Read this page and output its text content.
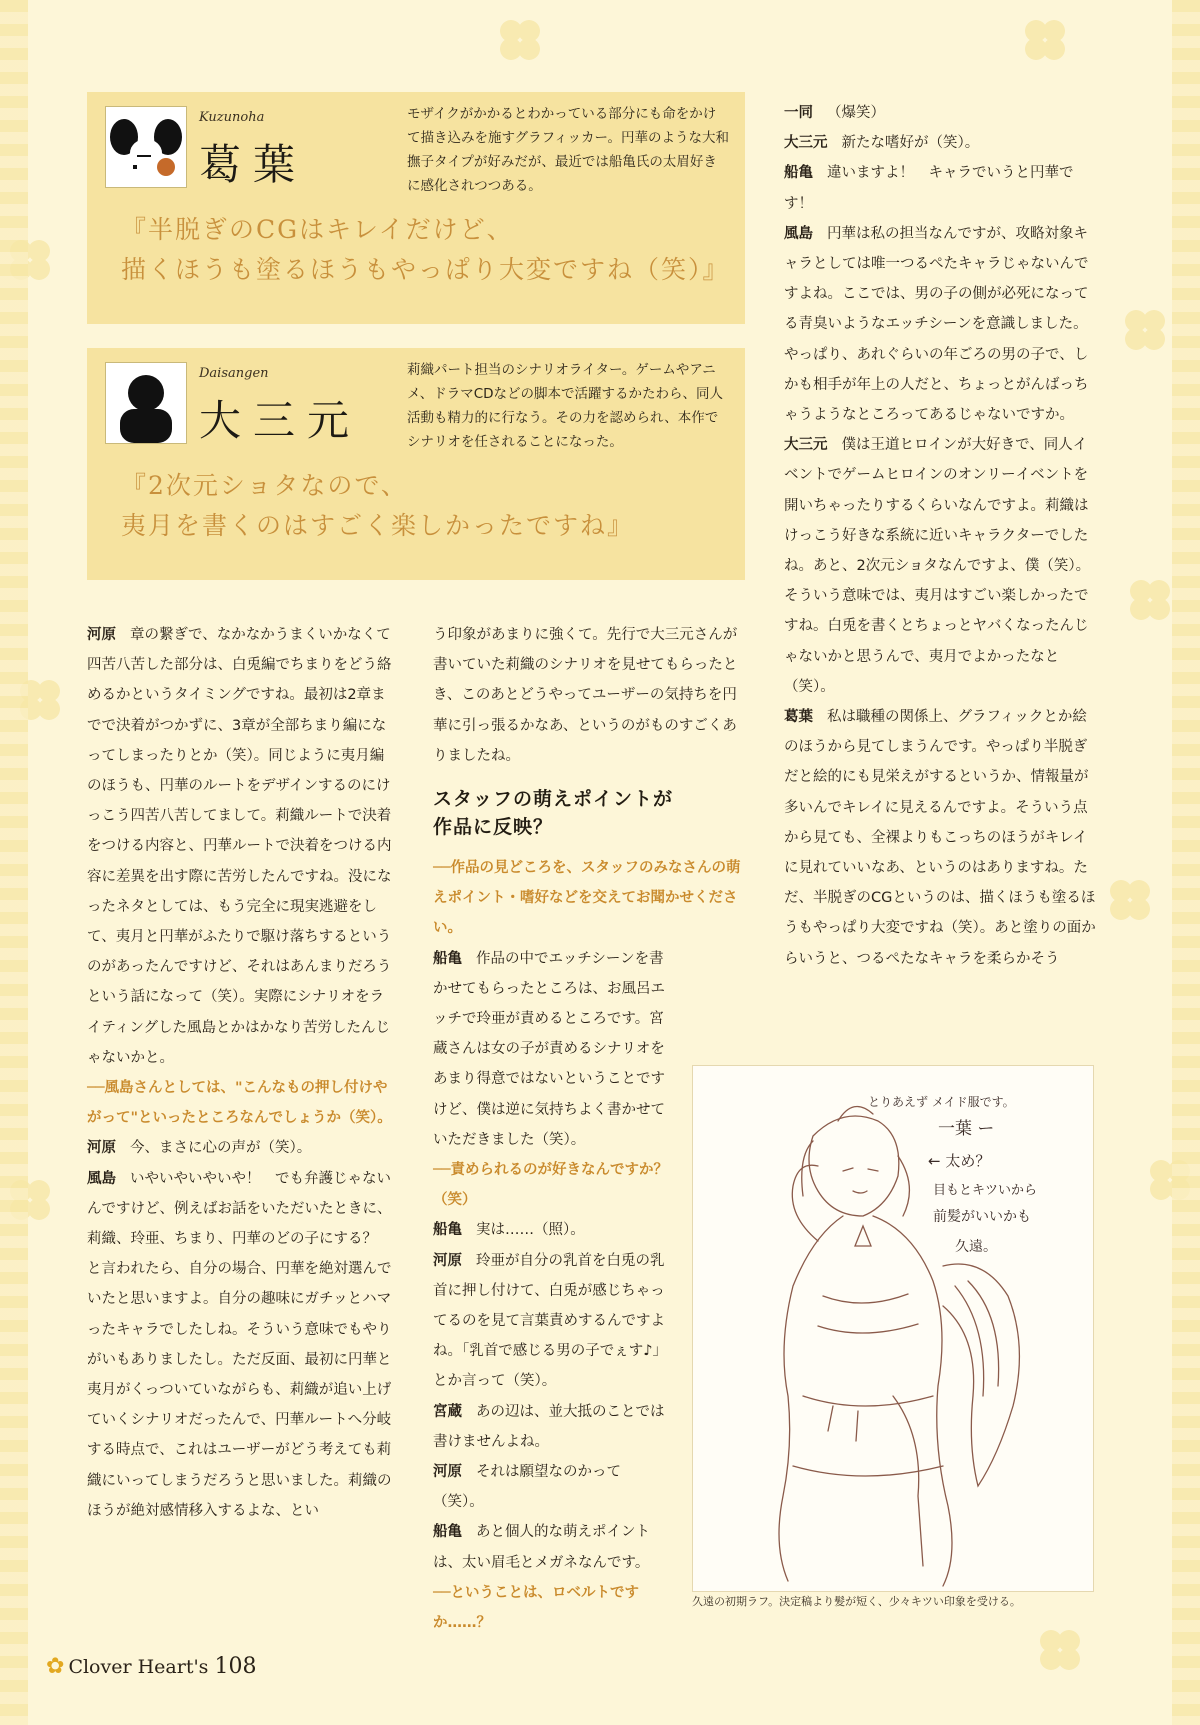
Kuzunoha
葛葉
モザイクがかかるとわかっている部分にも命をかけて描き込みを施すグラフィッカー。円華のような大和撫子タイプが好みだが、最近では船亀氏の太眉好きに感化されつつある。
『半脱ぎのCGはキレイだけど、
描くほうも塗るほうもやっぱり大変ですね（笑）』
Daisangen
大三元
莉織パート担当のシナリオライター。ゲームやアニメ、ドラマCDなどの脚本で活躍するかたわら、同人活動も精力的に行なう。その力を認められ、本作でシナリオを任されることになった。
『2次元ショタなので、
夷月を書くのはすごく楽しかったですね』

河原 章の繋ぎで、なかなかうまくいかなくて四苦八苦した部分は、白兎編でちまりをどう絡めるかというタイミングですね。最初は2章までで決着がつかずに、3章が全部ちまり編になってしまったりとか（笑）。同じように夷月編のほうも、円華のルートをデザインするのにけっこう四苦八苦してまして。莉織ルートで決着をつける内容と、円華ルートで決着をつける内容に差異を出す際に苦労したんですね。没になったネタとしては、もう完全に現実逃避をして、夷月と円華がふたりで駆け落ちするというのがあったんですけど、それはあんまりだろうという話になって（笑）。実際にシナリオをライティングした風島とかはかなり苦労したんじゃないかと。

──風島さんとしては、"こんなもの押し付けやがって"といったところなんでしょうか（笑）。

河原 今、まさに心の声が（笑）。

風島 いやいやいやいや！　でも弁護じゃないんですけど、例えばお話をいただいたときに、莉織、玲亜、ちまり、円華のどの子にする？　と言われたら、自分の場合、円華を絶対選んでいたと思いますよ。自分の趣味にガチッとハマったキャラでしたしね。そういう意味でもやりがいもありましたし。ただ反面、最初に円華と夷月がくっついていながらも、莉織が追い上げていくシナリオだったんで、円華ルートへ分岐する時点で、これはユーザーがどう考えても莉織にいってしまうだろうと思いました。莉織のほうが絶対感情移入するよな、とい

う印象があまりに強くて。先行で大三元さんが書いていた莉織のシナリオを見せてもらったとき、このあとどうやってユーザーの気持ちを円華に引っ張るかなあ、というのがものすごくありましたね。

スタッフの萌えポイントが
作品に反映？

──作品の見どころを、スタッフのみなさんの萌えポイント・嗜好などを交えてお聞かせください。

船亀 作品の中でエッチシーンを書かせてもらったところは、お風呂エッチで玲亜が責めるところです。宮蔵さんは女の子が責めるシナリオをあまり得意ではないということですけど、僕は逆に気持ちよく書かせていただきました（笑）。

──責められるのが好きなんですか？（笑）

船亀 実は……（照）。

河原 玲亜が自分の乳首を白兎の乳首に押し付けて、白兎が感じちゃってるのを見て言葉責めするんですよね。「乳首で感じる男の子でぇす♪」とか言って（笑）。

宮蔵 あの辺は、並大抵のことでは書けませんよね。

河原 それは願望なのかって（笑）。

船亀 あと個人的な萌えポイントは、太い眉毛とメガネなんです。

──ということは、ロベルトですか……？

一同 （爆笑）

大三元 新たな嗜好が（笑）。

船亀 違いますよ！　キャラでいうと円華です！

風島 円華は私の担当なんですが、攻略対象キャラとしては唯一つるぺたキャラじゃないんですよね。ここでは、男の子の側が必死になってる青臭いようなエッチシーンを意識しました。やっぱり、あれぐらいの年ごろの男の子で、しかも相手が年上の人だと、ちょっとがんばっちゃうようなところってあるじゃないですか。

大三元 僕は王道ヒロインが大好きで、同人イベントでゲームヒロインのオンリーイベントを開いちゃったりするくらいなんですよ。莉織はけっこう好きな系統に近いキャラクターでしたね。あと、2次元ショタなんですよ、僕（笑）。そういう意味では、夷月はすごい楽しかったですね。白兎を書くとちょっとヤバくなったんじゃないかと思うんで、夷月でよかったなと（笑）。

葛葉 私は職種の関係上、グラフィックとか絵のほうから見てしまうんです。やっぱり半脱ぎだと絵的にも見栄えがするというか、情報量が多いんでキレイに見えるんですよ。そういう点から見ても、全裸よりもこっちのほうがキレイに見れていいなあ、というのはありますね。ただ、半脱ぎのCGというのは、描くほうも塗るほうもやっぱり大変ですね（笑）。あと塗りの面からいうと、つるぺたなキャラを柔らかそう

とりあえず メイド服です。
一葉 ー
← 太め？
目もとキツいから
前髪がいいかも
久遠。
久遠の初期ラフ。決定稿より髪が短く、少々キツい印象を受ける。
✿ Clover Heart's 108
